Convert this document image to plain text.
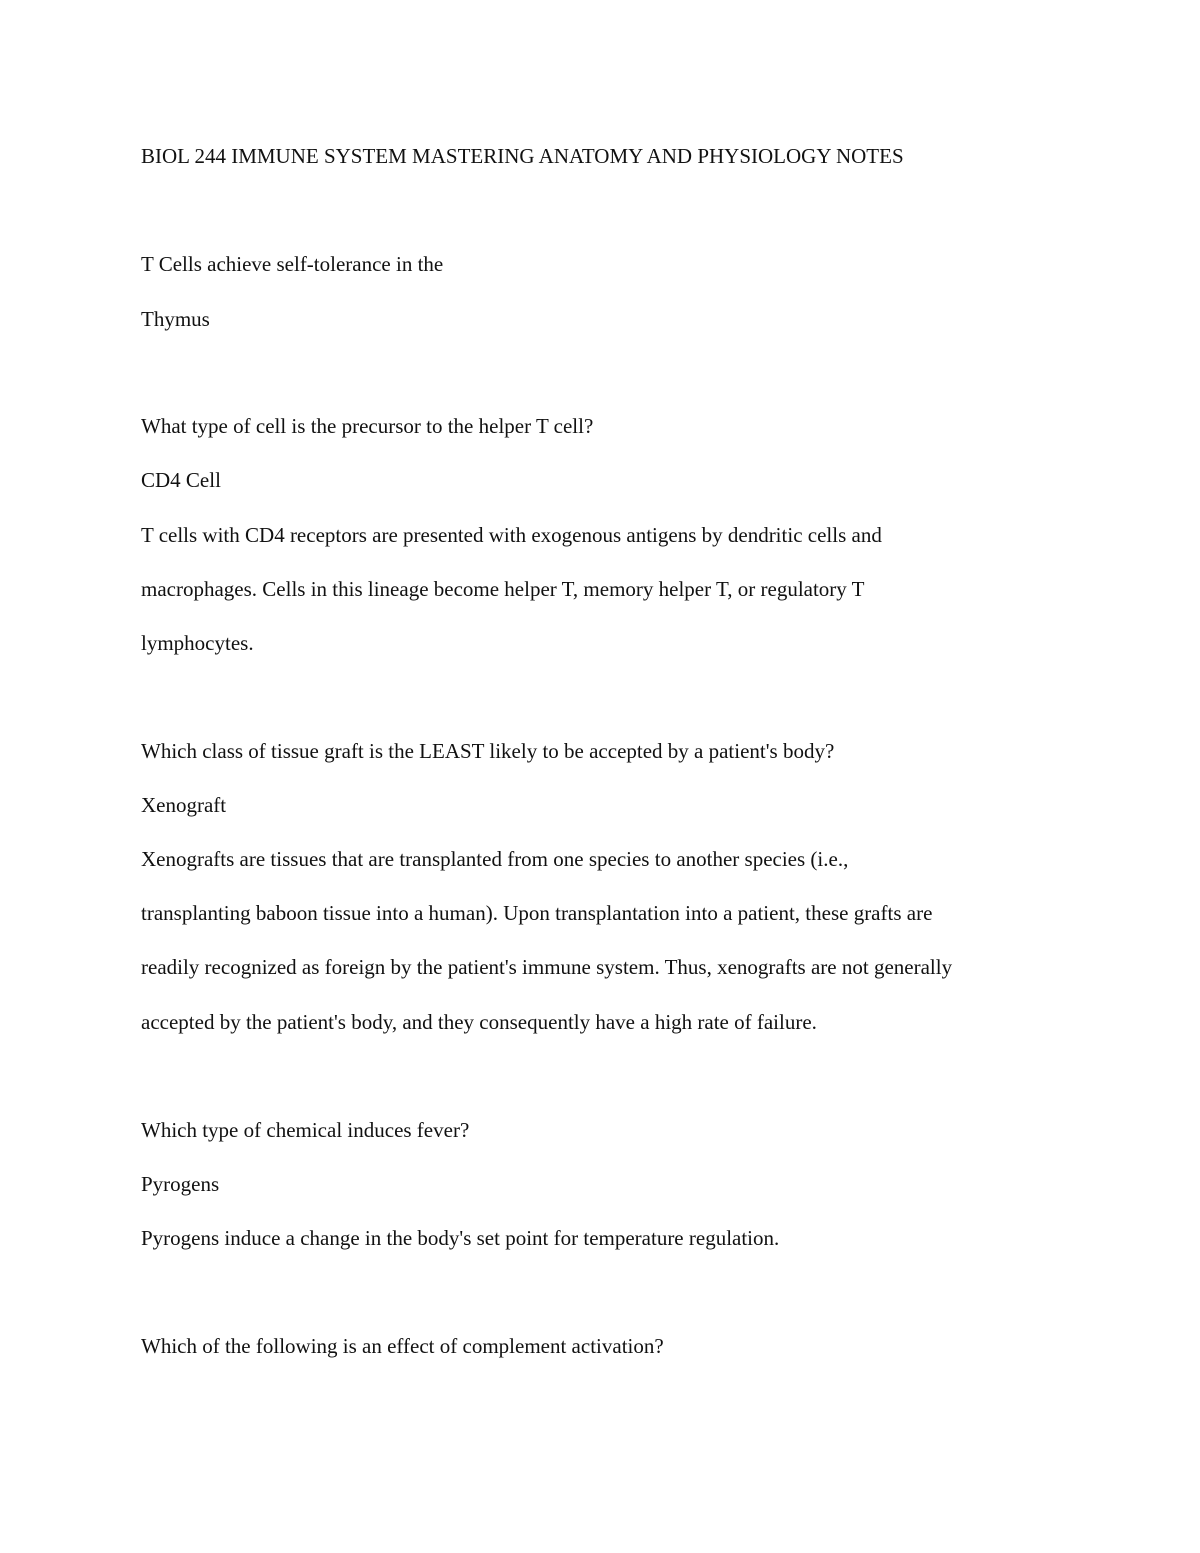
BIOL 244 IMMUNE SYSTEM MASTERING ANATOMY AND PHYSIOLOGY NOTES
T Cells achieve self-tolerance in the
Thymus
What type of cell is the precursor to the helper T cell?
CD4 Cell
T cells with CD4 receptors are presented with exogenous antigens by dendritic cells and
macrophages. Cells in this lineage become helper T, memory helper T, or regulatory T
lymphocytes.
Which class of tissue graft is the LEAST likely to be accepted by a patient's body?
Xenograft
Xenografts are tissues that are transplanted from one species to another species (i.e.,
transplanting baboon tissue into a human). Upon transplantation into a patient, these grafts are
readily recognized as foreign by the patient's immune system. Thus, xenografts are not generally
accepted by the patient's body, and they consequently have a high rate of failure.
Which type of chemical induces fever?
Pyrogens
Pyrogens induce a change in the body's set point for temperature regulation.
Which of the following is an effect of complement activation?
